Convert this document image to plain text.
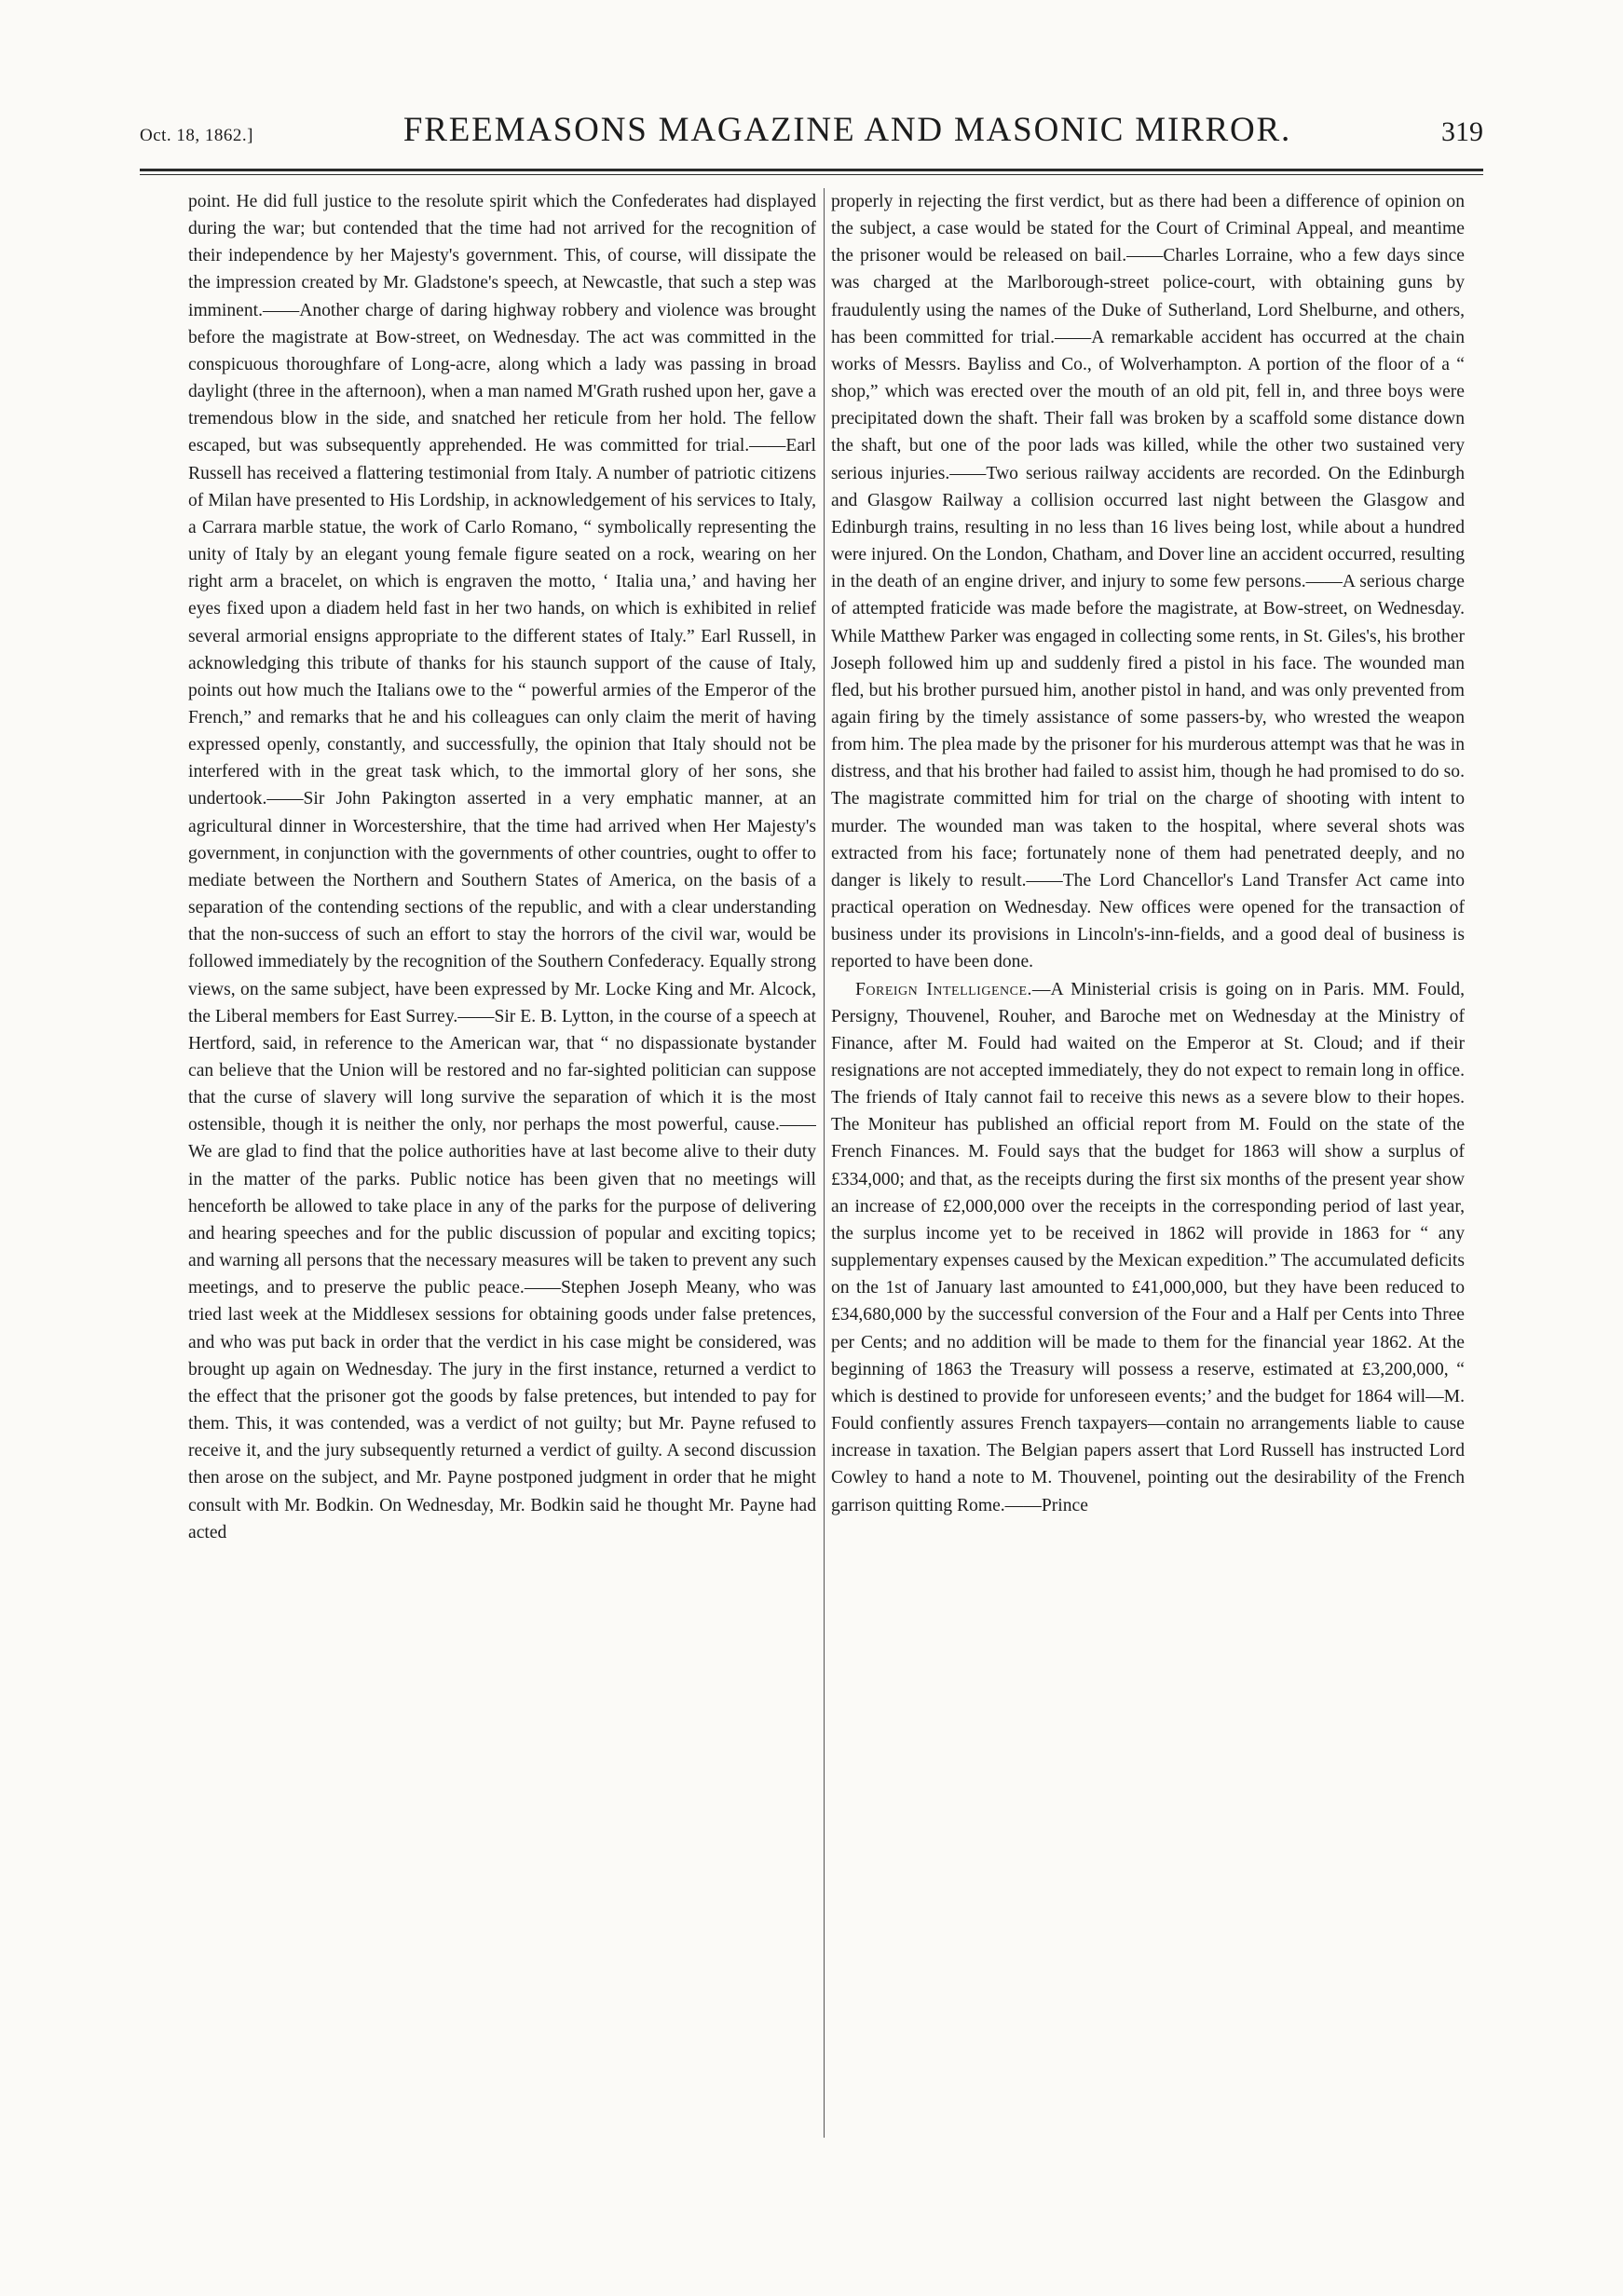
Oct. 18, 1862.]	FREEMASONS MAGAZINE AND MASONIC MIRROR.	319

point. He did full justice to the resolute spirit which the Confederates had displayed during the war; but contended that the time had not arrived for the recognition of their independence by her Majesty's government. This, of course, will dissipate the the impression created by Mr. Gladstone's speech, at Newcastle, that such a step was imminent.——Another charge of daring highway robbery and violence was brought before the magistrate at Bow-street, on Wednesday. The act was committed in the conspicuous thoroughfare of Long-acre, along which a lady was passing in broad daylight (three in the afternoon), when a man named M'Grath rushed upon her, gave a tremendous blow in the side, and snatched her reticule from her hold. The fellow escaped, but was subsequently apprehended. He was committed for trial.——Earl Russell has received a flattering testimonial from Italy. A number of patriotic citizens of Milan have presented to His Lordship, in acknowledgement of his services to Italy, a Carrara marble statue, the work of Carlo Romano, “ symbolically representing the unity of Italy by an elegant young female figure seated on a rock, wearing on her right arm a bracelet, on which is engraven the motto, ‘ Italia una,’ and having her eyes fixed upon a diadem held fast in her two hands, on which is exhibited in relief several armorial ensigns appropriate to the different states of Italy.” Earl Russell, in acknowledging this tribute of thanks for his staunch support of the cause of Italy, points out how much the Italians owe to the “ powerful armies of the Emperor of the French,” and remarks that he and his colleagues can only claim the merit of having expressed openly, constantly, and successfully, the opinion that Italy should not be interfered with in the great task which, to the immortal glory of her sons, she undertook.——Sir John Pakington asserted in a very emphatic manner, at an agricultural dinner in Worcestershire, that the time had arrived when Her Majesty's government, in conjunction with the governments of other countries, ought to offer to mediate between the Northern and Southern States of America, on the basis of a separation of the contending sections of the republic, and with a clear understanding that the non-success of such an effort to stay the horrors of the civil war, would be followed immediately by the recognition of the Southern Confederacy. Equally strong views, on the same subject, have been expressed by Mr. Locke King and Mr. Alcock, the Liberal members for East Surrey.——Sir E. B. Lytton, in the course of a speech at Hertford, said, in reference to the American war, that “ no dispassionate bystander can believe that the Union will be restored and no far-sighted politician can suppose that the curse of slavery will long survive the separation of which it is the most ostensible, though it is neither the only, nor perhaps the most powerful, cause.——We are glad to find that the police authorities have at last become alive to their duty in the matter of the parks. Public notice has been given that no meetings will henceforth be allowed to take place in any of the parks for the purpose of delivering and hearing speeches and for the public discussion of popular and exciting topics; and warning all persons that the necessary measures will be taken to prevent any such meetings, and to preserve the public peace.——Stephen Joseph Meany, who was tried last week at the Middlesex sessions for obtaining goods under false pretences, and who was put back in order that the verdict in his case might be considered, was brought up again on Wednesday. The jury in the first instance, returned a verdict to the effect that the prisoner got the goods by false pretences, but intended to pay for them. This, it was contended, was a verdict of not guilty; but Mr. Payne refused to receive it, and the jury subsequently returned a verdict of guilty. A second discussion then arose on the subject, and Mr. Payne postponed judgment in order that he might consult with Mr. Bodkin. On Wednesday, Mr. Bodkin said he thought Mr. Payne had acted

properly in rejecting the first verdict, but as there had been a difference of opinion on the subject, a case would be stated for the Court of Criminal Appeal, and meantime the prisoner would be released on bail.——Charles Lorraine, who a few days since was charged at the Marlborough-street police-court, with obtaining guns by fraudulently using the names of the Duke of Sutherland, Lord Shelburne, and others, has been committed for trial.——A remarkable accident has occurred at the chain works of Messrs. Bayliss and Co., of Wolverhampton. A portion of the floor of a “ shop,” which was erected over the mouth of an old pit, fell in, and three boys were precipitated down the shaft. Their fall was broken by a scaffold some distance down the shaft, but one of the poor lads was killed, while the other two sustained very serious injuries.——Two serious railway accidents are recorded. On the Edinburgh and Glasgow Railway a collision occurred last night between the Glasgow and Edinburgh trains, resulting in no less than 16 lives being lost, while about a hundred were injured. On the London, Chatham, and Dover line an accident occurred, resulting in the death of an engine driver, and injury to some few persons.——A serious charge of attempted fraticide was made before the magistrate, at Bow-street, on Wednesday. While Matthew Parker was engaged in collecting some rents, in St. Giles's, his brother Joseph followed him up and suddenly fired a pistol in his face. The wounded man fled, but his brother pursued him, another pistol in hand, and was only prevented from again firing by the timely assistance of some passers-by, who wrested the weapon from him. The plea made by the prisoner for his murderous attempt was that he was in distress, and that his brother had failed to assist him, though he had promised to do so. The magistrate committed him for trial on the charge of shooting with intent to murder. The wounded man was taken to the hospital, where several shots was extracted from his face; fortunately none of them had penetrated deeply, and no danger is likely to result.——The Lord Chancellor's Land Transfer Act came into practical operation on Wednesday. New offices were opened for the transaction of business under its provisions in Lincoln's-inn-fields, and a good deal of business is reported to have been done.

Foreign Intelligence.—A Ministerial crisis is going on in Paris. MM. Fould, Persigny, Thouvenel, Rouher, and Baroche met on Wednesday at the Ministry of Finance, after M. Fould had waited on the Emperor at St. Cloud; and if their resignations are not accepted immediately, they do not expect to remain long in office. The friends of Italy cannot fail to receive this news as a severe blow to their hopes. The Moniteur has published an official report from M. Fould on the state of the French Finances. M. Fould says that the budget for 1863 will show a surplus of £334,000; and that, as the receipts during the first six months of the present year show an increase of £2,000,000 over the receipts in the corresponding period of last year, the surplus income yet to be received in 1862 will provide in 1863 for “ any supplementary expenses caused by the Mexican expedition.” The accumulated deficits on the 1st of January last amounted to £41,000,000, but they have been reduced to £34,680,000 by the successful conversion of the Four and a Half per Cents into Three per Cents; and no addition will be made to them for the financial year 1862. At the beginning of 1863 the Treasury will possess a reserve, estimated at £3,200,000, “ which is destined to provide for unforeseen events;’ and the budget for 1864 will—M. Fould confiently assures French taxpayers—contain no arrangements liable to cause increase in taxation. The Belgian papers assert that Lord Russell has instructed Lord Cowley to hand a note to M. Thouvenel, pointing out the desirability of the French garrison quitting Rome.——Prince
